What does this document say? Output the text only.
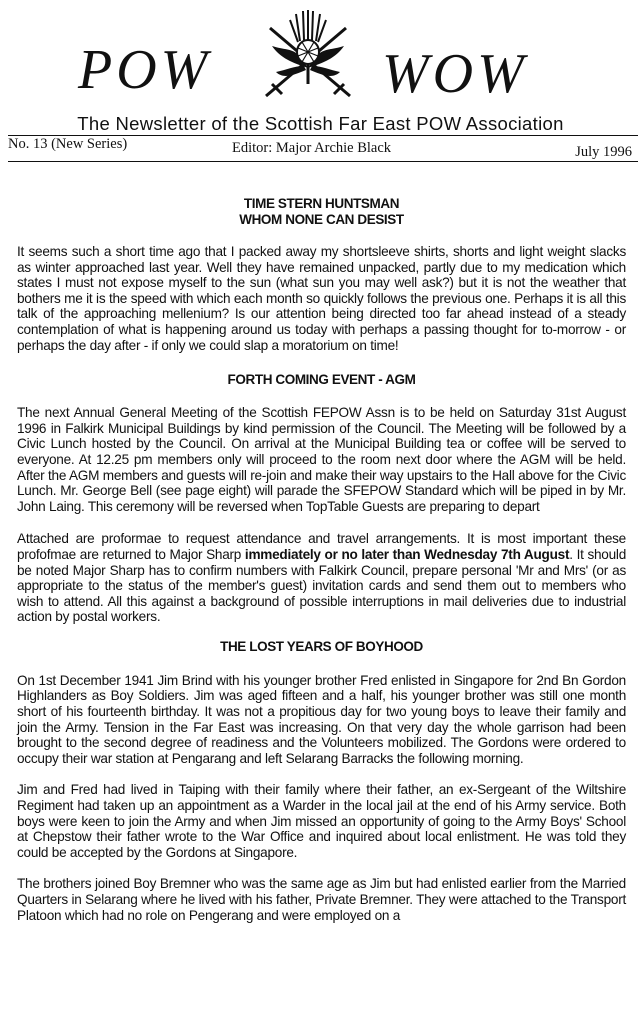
POW	WOW
The Newsletter of the Scottish Far East POW Association
No. 13 (New Series)	Editor: Major Archie Black	July 1996

TIME STERN HUNTSMAN

WHOM NONE CAN DESIST

It seems such a short time ago that I packed away my shortsleeve shirts, shorts and light weight slacks as winter approached last year. Well they have remained unpacked, partly due to my medication which states I must not expose myself to the sun (what sun you may well ask?) but it is not the weather that bothers me it is the speed with which each month so quickly follows the previous one. Perhaps it is all this talk of the approaching mellenium? Is our attention being directed too far ahead instead of a steady contemplation of what is happening around us today with perhaps a passing thought for to-morrow - or perhaps the day after - if only we could slap a moratorium on time!

FORTH COMING EVENT - AGM

The next Annual General Meeting of the Scottish FEPOW Assn is to be held on Saturday 31st August 1996 in Falkirk Municipal Buildings by kind permission of the Council. The Meeting will be followed by a Civic Lunch hosted by the Council. On arrival at the Municipal Building tea or coffee will be served to everyone. At 12.25 pm members only will proceed to the room next door where the AGM will be held. After the AGM members and guests will re-join and make their way upstairs to the Hall above for the Civic Lunch. Mr. George Bell (see page eight) will parade the SFEPOW Standard which will be piped in by Mr. John Laing. This ceremony will be reversed when TopTable Guests are preparing to depart

Attached are proformae to request attendance and travel arrangements. It is most important these profofmae are returned to Major Sharp immediately or no later than Wednesday 7th August. It should be noted Major Sharp has to confirm numbers with Falkirk Council, prepare personal 'Mr and Mrs' (or as appropriate to the status of the member's guest) invitation cards and send them out to members who wish to attend. All this against a background of possible interruptions in mail deliveries due to industrial action by postal workers.

THE LOST YEARS OF BOYHOOD

On 1st December 1941 Jim Brind with his younger brother Fred enlisted in Singapore for 2nd Bn Gordon Highlanders as Boy Soldiers. Jim was aged fifteen and a half, his younger brother was still one month short of his fourteenth birthday. It was not a propitious day for two young boys to leave their family and join the Army. Tension in the Far East was increasing. On that very day the whole garrison had been brought to the second degree of readiness and the Volunteers mobilized. The Gordons were ordered to occupy their war station at Pengarang and left Selarang Barracks the following morning.

Jim and Fred had lived in Taiping with their family where their father, an ex-Sergeant of the Wiltshire Regiment had taken up an appointment as a Warder in the local jail at the end of his Army service. Both boys were keen to join the Army and when Jim missed an opportunity of going to the Army Boys' School at Chepstow their father wrote to the War Office and inquired about local enlistment. He was told they could be accepted by the Gordons at Singapore.

The brothers joined Boy Bremner who was the same age as Jim but had enlisted earlier from the Married Quarters in Selarang where he lived with his father, Private Bremner. They were attached to the Transport Platoon which had no role on Pengerang and were employed on a
